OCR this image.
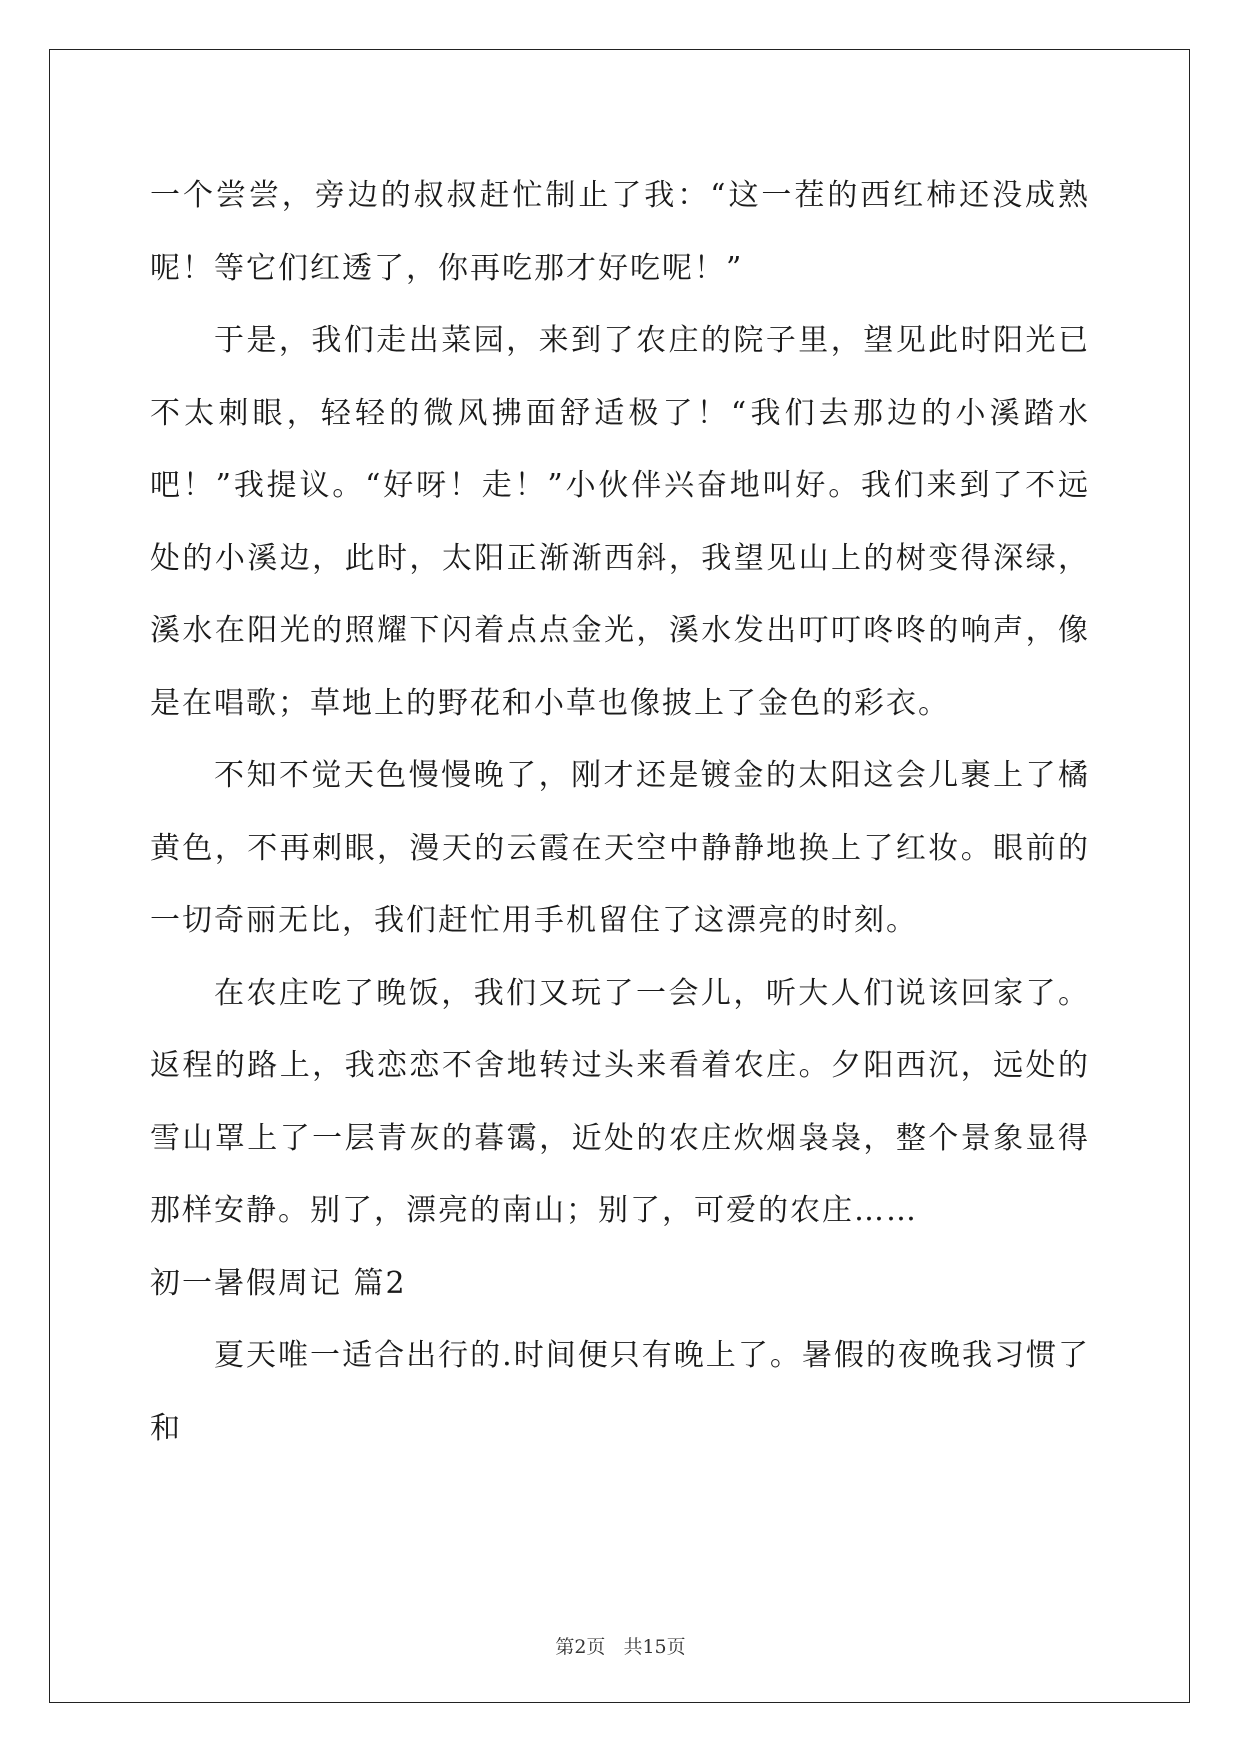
一个尝尝，旁边的叔叔赶忙制止了我：“这一茬的西红柿还没成熟呢！等它们红透了，你再吃那才好吃呢！”

于是，我们走出菜园，来到了农庄的院子里，望见此时阳光已不太刺眼，轻轻的微风拂面舒适极了！“我们去那边的小溪踏水吧！”我提议。“好呀！走！”小伙伴兴奋地叫好。我们来到了不远处的小溪边，此时，太阳正渐渐西斜，我望见山上的树变得深绿，溪水在阳光的照耀下闪着点点金光，溪水发出叮叮咚咚的响声，像是在唱歌；草地上的野花和小草也像披上了金色的彩衣。

不知不觉天色慢慢晚了，刚才还是镀金的太阳这会儿裹上了橘黄色，不再刺眼，漫天的云霞在天空中静静地换上了红妆。眼前的一切奇丽无比，我们赶忙用手机留住了这漂亮的时刻。

在农庄吃了晚饭，我们又玩了一会儿，听大人们说该回家了。返程的路上，我恋恋不舍地转过头来看着农庄。夕阳西沉，远处的雪山罩上了一层青灰的暮霭，近处的农庄炊烟袅袅，整个景象显得那样安静。别了，漂亮的南山；别了，可爱的农庄……

初一暑假周记 篇2

夏天唯一适合出行的.时间便只有晚上了。暑假的夜晚我习惯了和

第2页 共15页
